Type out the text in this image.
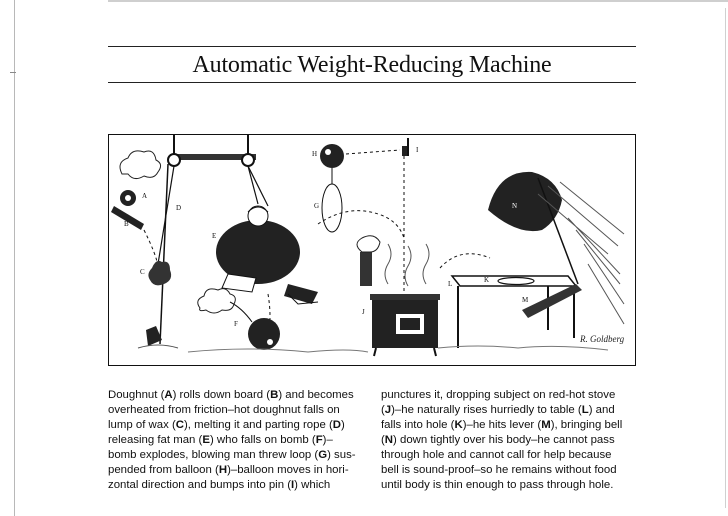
Automatic Weight-Reducing Machine
A
B
C
D
E
F
G
H	I
J
K
L
M
N
R. Goldberg
Doughnut (A) rolls down board (B) and becomes
overheated from friction–hot doughnut falls on
lump of wax (C), melting it and parting rope (D)
releasing fat man (E) who falls on bomb (F)–
bomb explodes, blowing man threw loop (G) sus-
pended from balloon (H)–balloon moves in hori-
zontal direction and bumps into pin (I) which
punctures it, dropping subject on red-hot stove
(J)–he naturally rises hurriedly to table (L) and
falls into hole (K)–he hits lever (M), bringing bell
(N) down tightly over his body–he cannot pass
through hole and cannot call for help because
bell is sound-proof–so he remains without food
until body is thin enough to pass through hole.
